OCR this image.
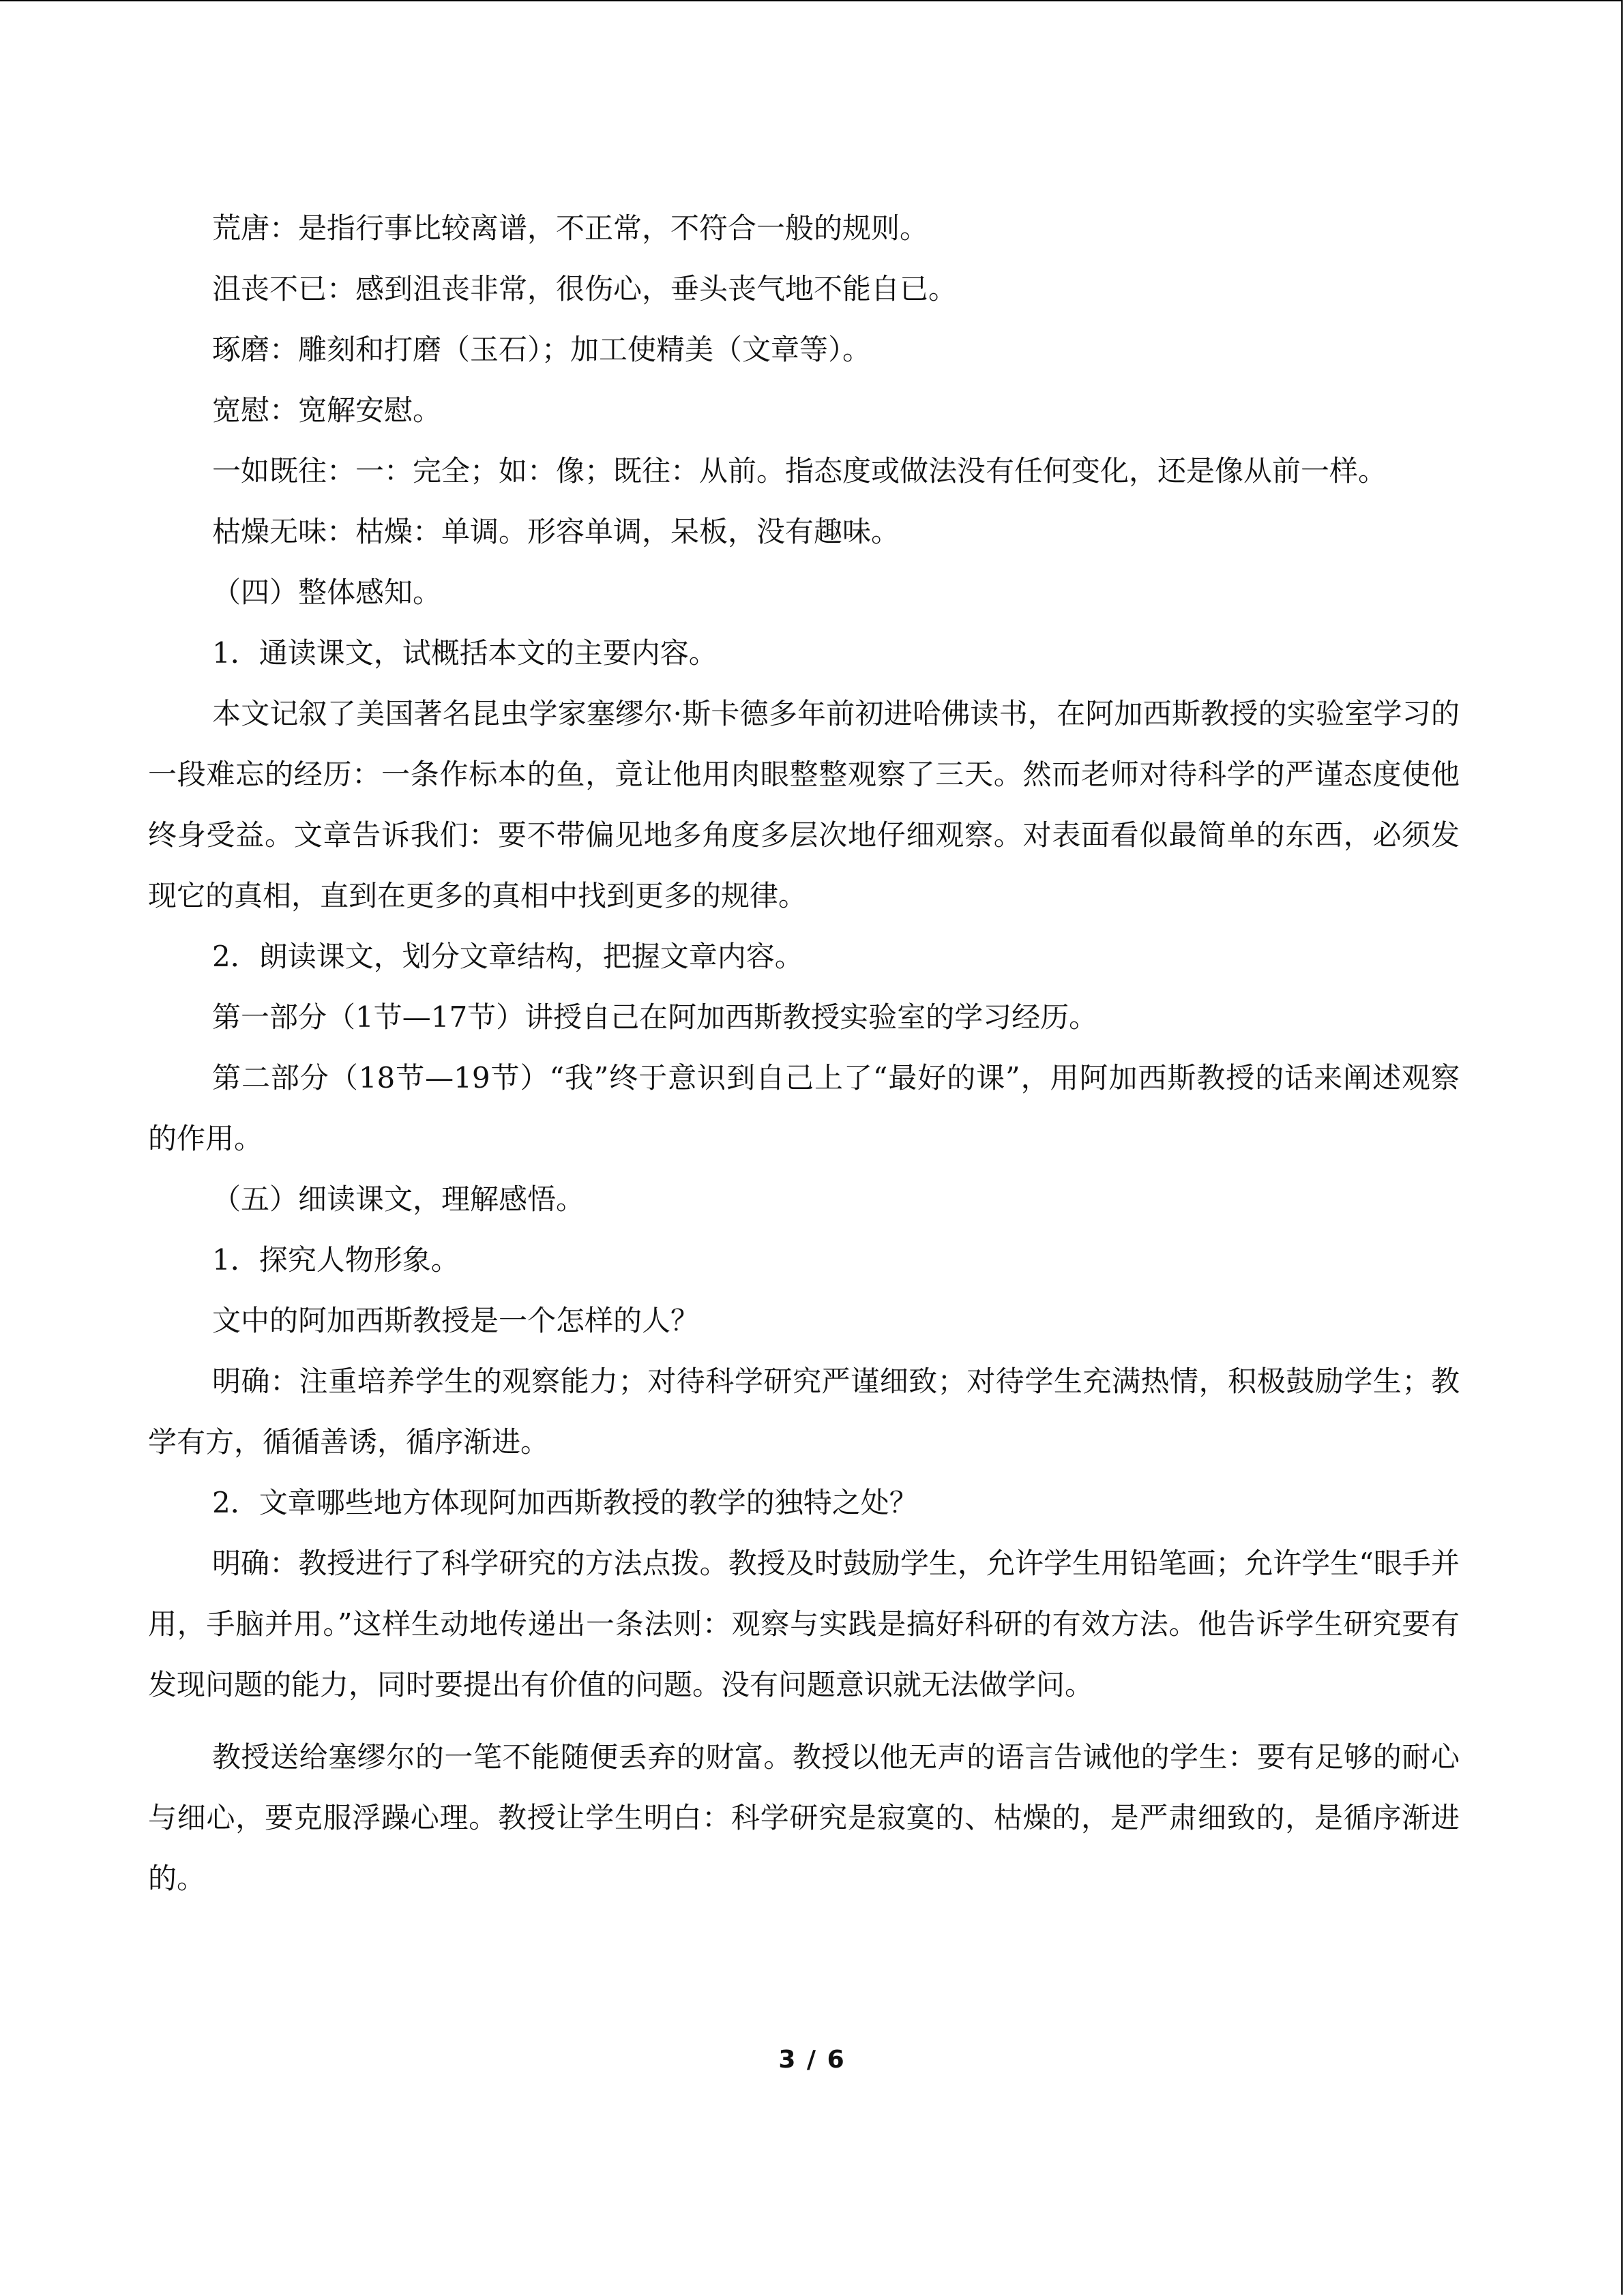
荒唐：是指行事比较离谱，不正常，不符合一般的规则。

沮丧不已：感到沮丧非常，很伤心，垂头丧气地不能自已。

琢磨：雕刻和打磨（玉石）；加工使精美（文章等）。

宽慰：宽解安慰。

一如既往：一：完全；如：像；既往：从前。指态度或做法没有任何变化，还是像从前一样。

枯燥无味：枯燥：单调。形容单调，呆板，没有趣味。

（四）整体感知。

1．通读课文，试概括本文的主要内容。

本文记叙了美国著名昆虫学家塞缪尔·斯卡德多年前初进哈佛读书，在阿加西斯教授的实验室学习的一段难忘的经历：一条作标本的鱼，竟让他用肉眼整整观察了三天。然而老师对待科学的严谨态度使他终身受益。文章告诉我们：要不带偏见地多角度多层次地仔细观察。对表面看似最简单的东西，必须发现它的真相，直到在更多的真相中找到更多的规律。

2．朗读课文，划分文章结构，把握文章内容。

第一部分（1节—17节）讲授自己在阿加西斯教授实验室的学习经历。

第二部分（18节—19节）“我”终于意识到自己上了“最好的课”，用阿加西斯教授的话来阐述观察的作用。

（五）细读课文，理解感悟。

1．探究人物形象。

文中的阿加西斯教授是一个怎样的人？

明确：注重培养学生的观察能力；对待科学研究严谨细致；对待学生充满热情，积极鼓励学生；教学有方，循循善诱，循序渐进。

2．文章哪些地方体现阿加西斯教授的教学的独特之处？

明确：教授进行了科学研究的方法点拨。教授及时鼓励学生，允许学生用铅笔画；允许学生“眼手并用，手脑并用。”这样生动地传递出一条法则：观察与实践是搞好科研的有效方法。他告诉学生研究要有发现问题的能力，同时要提出有价值的问题。没有问题意识就无法做学问。

教授送给塞缪尔的一笔不能随便丢弃的财富。教授以他无声的语言告诫他的学生：要有足够的耐心与细心，要克服浮躁心理。教授让学生明白：科学研究是寂寞的、枯燥的，是严肃细致的，是循序渐进的。

3 / 6
